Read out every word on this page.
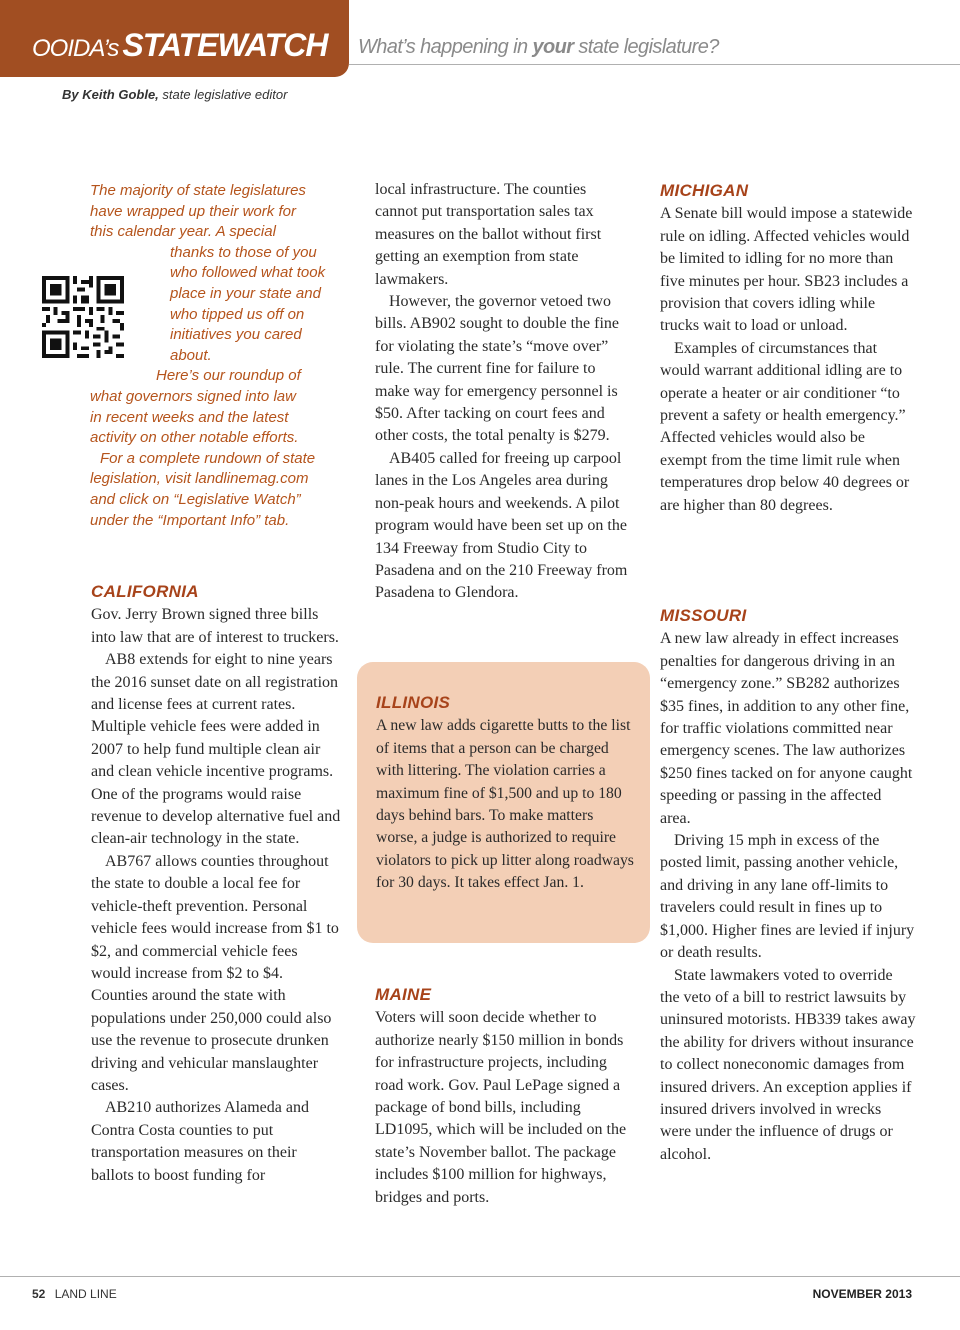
OOIDA’s STATEWATCH What’s happening in your state legislature?
By Keith Goble, state legislative editor

The majority of state legislatures

have wrapped up their work for

this calendar year. A special

thanks to those of you

who followed what took

place in your state and

who tipped us off on

initiatives you cared

about.

Here’s our roundup of

what governors signed into law

in recent weeks and the latest

activity on other notable efforts.

For a complete rundown of state

legislation, visit landlinemag.com

and click on “Legislative Watch”

under the “Important Info” tab.

CALIFORNIA

Gov. Jerry Brown signed three bills into law that are of interest to truckers.

AB8 extends for eight to nine years the 2016 sunset date on all registration and license fees at current rates. Multiple vehicle fees were added in 2007 to help fund multiple clean air and clean vehicle incentive programs. One of the programs would raise revenue to develop alternative fuel and clean-air technology in the state.

AB767 allows counties throughout the state to double a local fee for vehicle-theft prevention. Personal vehicle fees would increase from $1 to $2, and commercial vehicle fees would increase from $2 to $4. Counties around the state with populations under 250,000 could also use the revenue to prosecute drunken driving and vehicular manslaughter cases.

AB210 authorizes Alameda and Contra Costa counties to put transportation measures on their ballots to boost funding for

local infrastructure. The counties cannot put transportation sales tax measures on the ballot without first getting an exemption from state lawmakers.

However, the governor vetoed two bills. AB902 sought to double the fine for violating the state’s “move over” rule. The current fine for failure to make way for emergency personnel is $50. After tacking on court fees and other costs, the total penalty is $279.

AB405 called for freeing up carpool lanes in the Los Angeles area during non-peak hours and weekends. A pilot program would have been set up on the 134 Freeway from Studio City to Pasadena and on the 210 Freeway from Pasadena to Glendora.

ILLINOIS

A new law adds cigarette butts to the list of items that a person can be charged with littering. The violation carries a maximum fine of $1,500 and up to 180 days behind bars. To make matters worse, a judge is authorized to require violators to pick up litter along roadways for 30 days. It takes effect Jan. 1.

MAINE

Voters will soon decide whether to authorize nearly $150 million in bonds for infrastructure projects, including road work. Gov. Paul LePage signed a package of bond bills, including LD1095, which will be included on the state’s November ballot. The package includes $100 million for highways, bridges and ports.

MICHIGAN

A Senate bill would impose a statewide rule on idling. Affected vehicles would be limited to idling for no more than five minutes per hour. SB23 includes a provision that covers idling while trucks wait to load or unload.

Examples of circumstances that would warrant additional idling are to operate a heater or air conditioner “to prevent a safety or health emergency.” Affected vehicles would also be exempt from the time limit rule when temperatures drop below 40 degrees or are higher than 80 degrees.

MISSOURI

A new law already in effect increases penalties for dangerous driving in an “emergency zone.” SB282 authorizes $35 fines, in addition to any other fine, for traffic violations committed near emergency scenes. The law authorizes $250 fines tacked on for anyone caught speeding or passing in the affected area.

Driving 15 mph in excess of the posted limit, passing another vehicle, and driving in any lane off-limits to travelers could result in fines up to $1,000. Higher fines are levied if injury or death results.

State lawmakers voted to override the veto of a bill to restrict lawsuits by uninsured motorists. HB339 takes away the ability for drivers without insurance to collect noneconomic damages from insured drivers. An exception applies if insured drivers involved in wrecks were under the influence of drugs or alcohol.

52 LAND LINE	NOVEMBER 2013
